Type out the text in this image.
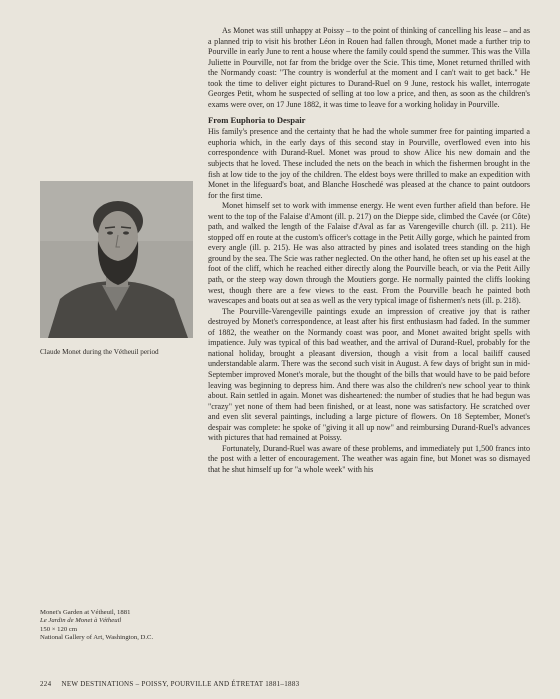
Claude Monet during the Vétheuil period
Monet's Garden at Vétheuil, 1881
Le Jardin de Monet à Vétheuil
150 × 120 cm
National Gallery of Art, Washington, D.C.

As Monet was still unhappy at Poissy – to the point of thinking of cancelling his lease – and as a planned trip to visit his brother Léon in Rouen had fallen through, Monet made a further trip to Pourville in early June to rent a house where the family could spend the summer. This was the Villa Juliette in Pourville, not far from the bridge over the Scie. This time, Monet returned thrilled with the Normandy coast: "The country is wonderful at the moment and I can't wait to get back." He took the time to deliver eight pictures to Durand-Ruel on 9 June, restock his wallet, interrogate Georges Petit, whom he suspected of selling at too low a price, and then, as soon as the children's exams were over, on 17 June 1882, it was time to leave for a working holiday in Pourville.

From Euphoria to Despair

His family's presence and the certainty that he had the whole summer free for painting imparted a euphoria which, in the early days of this second stay in Pourville, overflowed even into his correspondence with Durand-Ruel. Monet was proud to show Alice his new domain and the subjects that he loved. These included the nets on the beach in which the fishermen brought in the fish at low tide to the joy of the children. The eldest boys were thrilled to make an expedition with Monet in the lifeguard's boat, and Blanche Hoschedé was pleased at the chance to paint outdoors for the first time.

Monet himself set to work with immense energy. He went even further afield than before. He went to the top of the Falaise d'Amont (ill. p. 217) on the Dieppe side, climbed the Cavée (or Côte) path, and walked the length of the Falaise d'Aval as far as Varengeville church (ill. p. 211). He stopped off en route at the custom's officer's cottage in the Petit Ailly gorge, which he painted from every angle (ill. p. 215). He was also attracted by pines and isolated trees standing on the high ground by the sea. The Scie was rather neglected. On the other hand, he often set up his easel at the foot of the cliff, which he reached either directly along the Pourville beach, or via the Petit Ailly path, or the steep way down through the Moutiers gorge. He normally painted the cliffs looking west, though there are a few views to the east. From the Pourville beach he painted both wavescapes and boats out at sea as well as the very typical image of fishermen's nets (ill. p. 218).

The Pourville-Varengeville paintings exude an impression of creative joy that is rather destroyed by Monet's correspondence, at least after his first enthusiasm had faded. In the summer of 1882, the weather on the Normandy coast was poor, and Monet awaited bright spells with impatience. July was typical of this bad weather, and the arrival of Durand-Ruel, probably for the national holiday, brought a pleasant diversion, though a visit from a local bailiff caused understandable alarm. There was the second such visit in August. A few days of bright sun in mid-September improved Monet's morale, but the thought of the bills that would have to be paid before leaving was beginning to depress him. And there was also the children's new school year to think about. Rain settled in again. Monet was disheartened: the number of studies that he had begun was "crazy" yet none of them had been finished, or at least, none was satisfactory. He scratched over and even slit several paintings, including a large picture of flowers. On 18 September, Monet's despair was complete: he spoke of "giving it all up now" and reimbursing Durand-Ruel's advances with pictures that had remained at Poissy.

Fortunately, Durand-Ruel was aware of these problems, and immediately put 1,500 francs into the post with a letter of encouragement. The weather was again fine, but Monet was so dismayed that he shut himself up for "a whole week" with his

224 NEW DESTINATIONS – POISSY, POURVILLE AND ÉTRETAT 1881–1883
